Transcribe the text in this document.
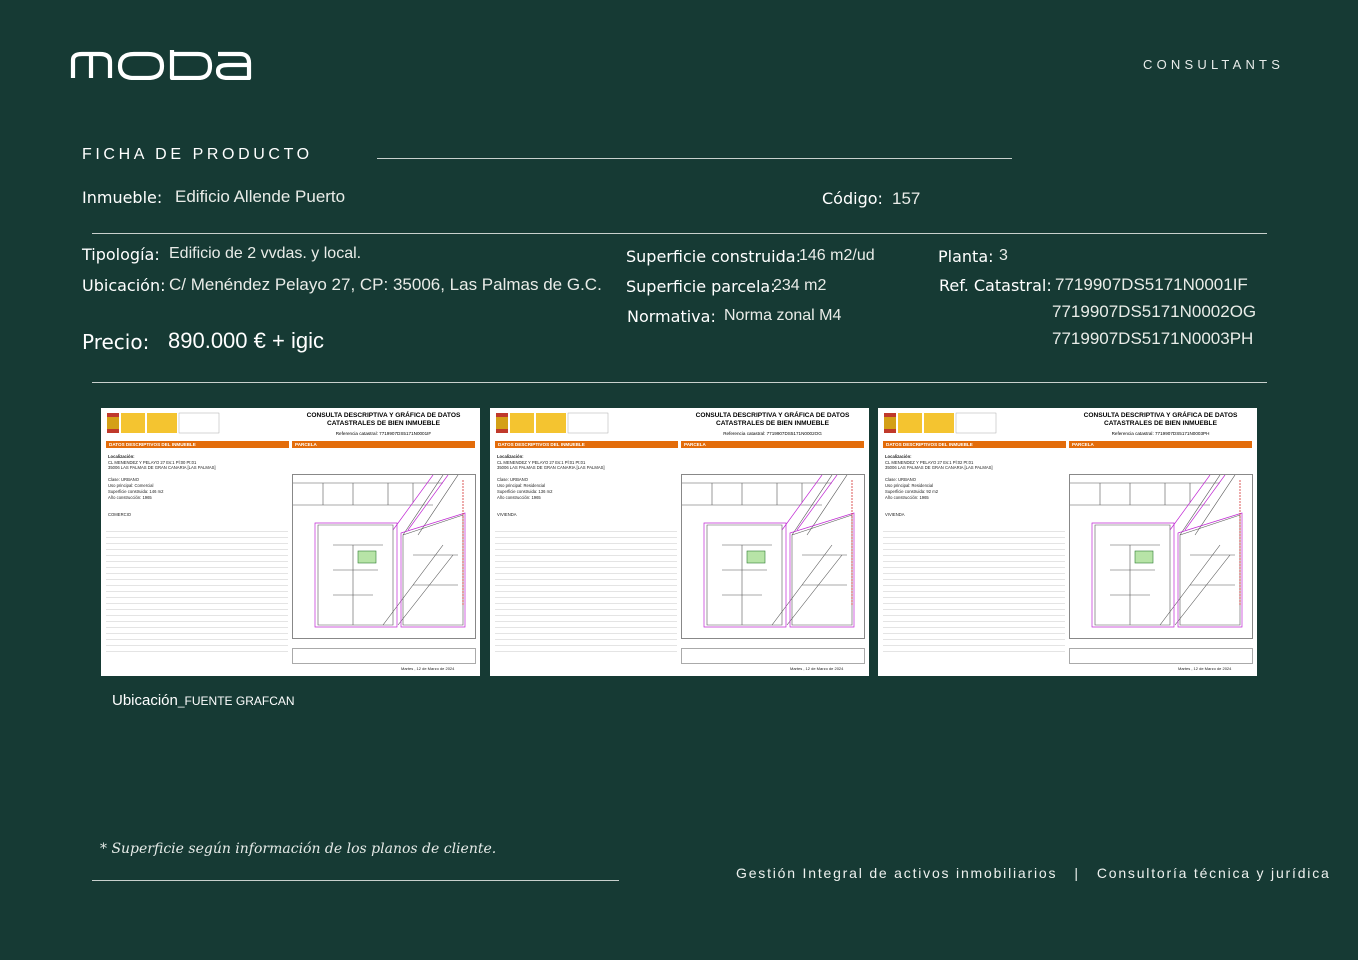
CONSULTANTS
FICHA DE PRODUCTO
Inmueble: Edificio Allende Puerto	Código: 157
Tipología: Edificio de 2 vvdas. y local.
Ubicación: C/ Menéndez Pelayo 27, CP: 35006, Las Palmas de G.C.
Precio: 890.000 € + igic
Superficie construida:
146 m2/ud
Superficie parcela:
234 m2
Normativa: Norma zonal M4
Planta: 3
Ref. Catastral: 7719907DS5171N0001IF
7719907DS5171N0002OG
7719907DS5171N0003PH
CONSULTA DESCRIPTIVA Y GRÁFICA DE DATOS CATASTRALES DE BIEN INMUEBLE
Referencia catastral: 7719907DS5171N0001IF
DATOS DESCRIPTIVOS DEL INMUEBLE	PARCELA
Localización:
CL MENENDEZ Y PELAYO 27 Es:1 Pl:00 Pt:01
35006 LAS PALMAS DE GRAN CANARIA [LAS PALMAS]
Clase: URBANO
Uso principal: Comercial
Superficie construida: 146 m2
Año construcción: 1965
COMERCIO
Martes , 12 de Marzo de 2024
CONSULTA DESCRIPTIVA Y GRÁFICA DE DATOS CATASTRALES DE BIEN INMUEBLE
Referencia catastral: 7719907DS5171N0002OG
DATOS DESCRIPTIVOS DEL INMUEBLE	PARCELA
Localización:
CL MENENDEZ Y PELAYO 27 Es:1 Pl:01 Pt:01
35006 LAS PALMAS DE GRAN CANARIA [LAS PALMAS]
Clase: URBANO
Uso principal: Residencial
Superficie construida: 136 m2
Año construcción: 1965
VIVIENDA
Martes , 12 de Marzo de 2024
CONSULTA DESCRIPTIVA Y GRÁFICA DE DATOS CATASTRALES DE BIEN INMUEBLE
Referencia catastral: 7719907DS5171N0003PH
DATOS DESCRIPTIVOS DEL INMUEBLE	PARCELA
Localización:
CL MENENDEZ Y PELAYO 27 Es:1 Pl:02 Pt:01
35006 LAS PALMAS DE GRAN CANARIA [LAS PALMAS]
Clase: URBANO
Uso principal: Residencial
Superficie construida: 92 m2
Año construcción: 1965
VIVIENDA
Martes , 12 de Marzo de 2024
Ubicación_FUENTE GRAFCAN
* Superficie según información de los planos de cliente.
Gestión Integral de activos inmobiliarios   |   Consultoría técnica y jurídica
